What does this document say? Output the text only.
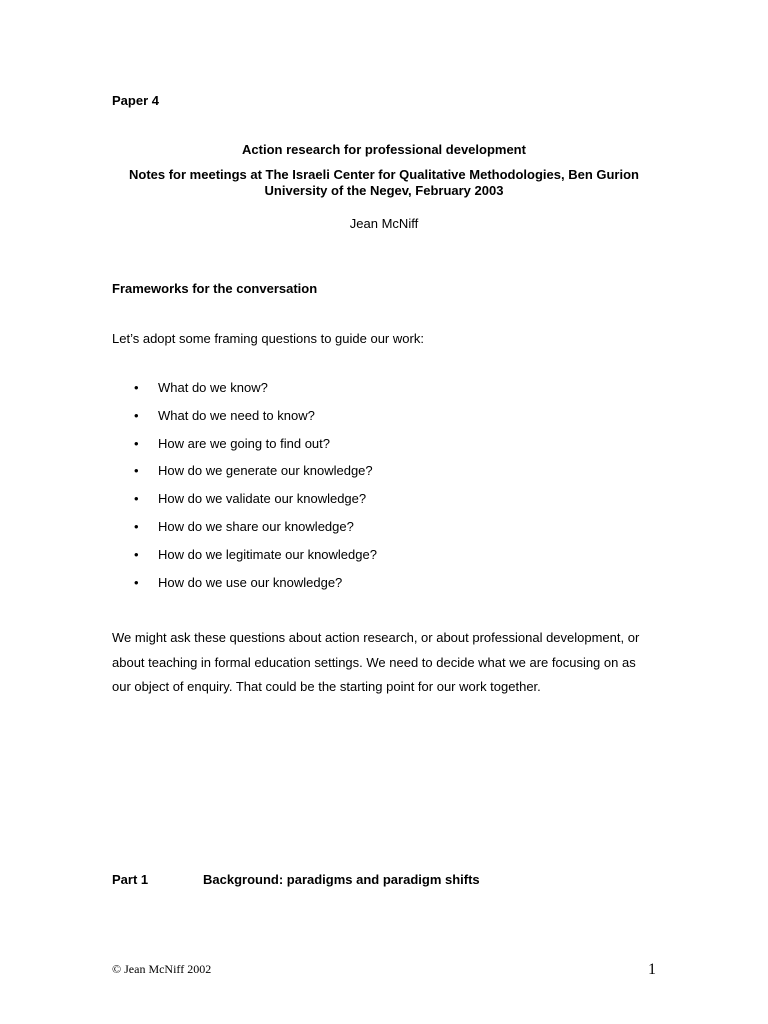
Paper 4
Action research for professional development
Notes for meetings at The Israeli Center for Qualitative Methodologies, Ben Gurion University of the Negev, February 2003
Jean McNiff
Frameworks for the conversation
Let’s adopt some framing questions to guide our work:
• What do we know?
• What do we need to know?
• How are we going to find out?
• How do we generate our knowledge?
• How do we validate our knowledge?
• How do we share our knowledge?
• How do we legitimate our knowledge?
• How do we use our knowledge?
We might ask these questions about action research, or about professional development, or about teaching in formal education settings. We need to decide what we are focusing on as our object of enquiry. That could be the starting point for our work together.
Part 1	Background: paradigms and paradigm shifts
© Jean McNiff 2002	1
